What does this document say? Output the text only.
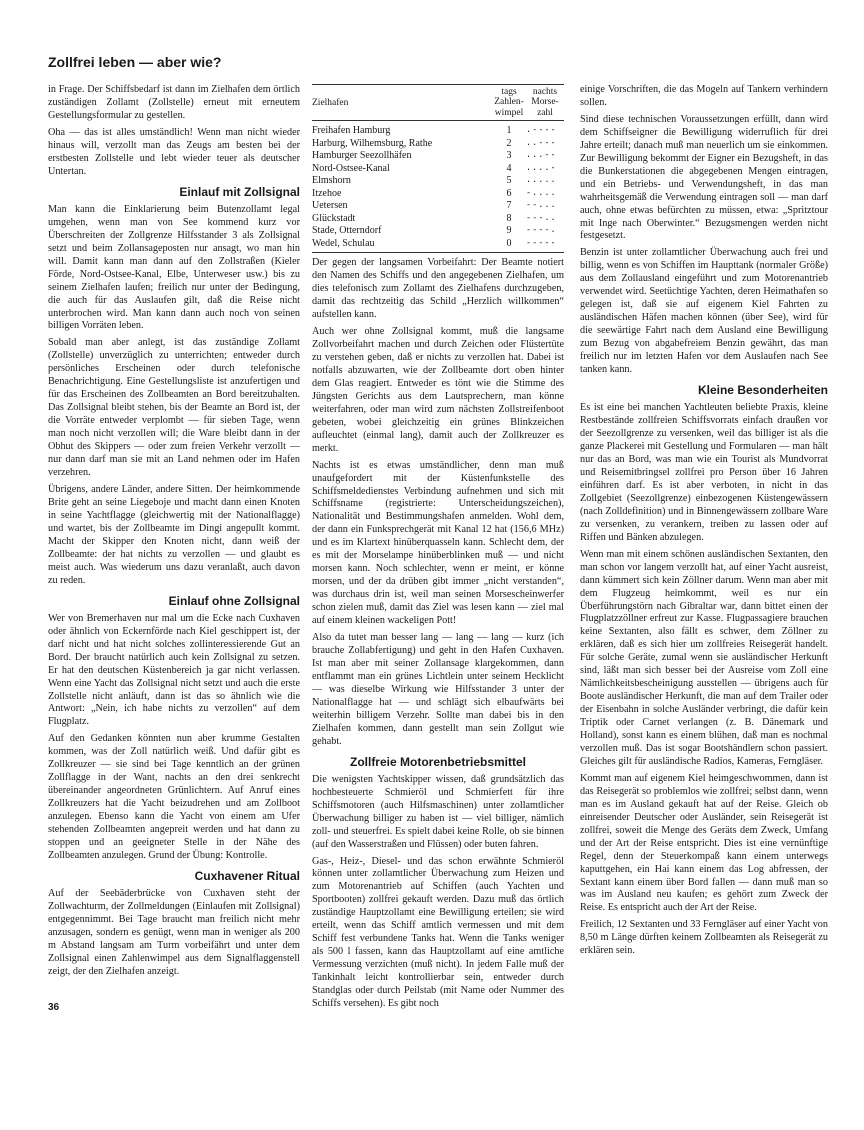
Zollfrei leben — aber wie?

in Frage. Der Schiffsbedarf ist dann im Zielhafen dem örtlich zuständigen Zollamt (Zollstelle) erneut mit erneutem Gestellungsformular zu gestellen.

Oha — das ist alles umständlich! Wenn man nicht wieder hinaus will, verzollt man das Zeugs am besten bei der erstbesten Zollstelle und lebt wieder teuer als deutscher Untertan.

Einlauf mit Zollsignal

Man kann die Einklarierung beim Butenzollamt legal umgehen, wenn man von See kommend kurz vor Überschreiten der Zollgrenze Hilfsstander 3 als Zollsignal setzt und beim Zollansageposten nur ansagt, wo man hin will. Damit kann man dann auf den Zollstraßen (Kieler Förde, Nord-Ostsee-Kanal, Elbe, Unterweser usw.) bis zu seinem Zielhafen laufen; freilich nur unter der Bedingung, die auch für das Auslaufen gilt, daß die Reise nicht unterbrochen wird. Man kann dann auch noch von seinen billigen Vorräten leben.

Sobald man aber anlegt, ist das zuständige Zollamt (Zollstelle) unverzüglich zu unterrichten; entweder durch persönliches Erscheinen oder durch telefonische Benachrichtigung. Eine Gestellungsliste ist anzufertigen und für das Erscheinen des Zollbeamten an Bord bereitzuhalten. Das Zollsignal bleibt stehen, bis der Beamte an Bord ist, der die Vorräte entweder verplombt — für sieben Tage, wenn man noch nicht verzollen will; die Ware bleibt dann in der Obhut des Skippers — oder zum freien Verkehr verzollt — nur dann darf man sie mit an Land nehmen oder im Hafen verzehren.

Übrigens, andere Länder, andere Sitten. Der heimkommende Brite geht an seine Liegeboje und macht dann einen Knoten in seine Yachtflagge (gleichwertig mit der Nationalflagge) und wartet, bis der Zollbeamte im Dingi angepullt kommt. Macht der Skipper den Knoten nicht, dann weiß der Zollbeamte: der hat nichts zu verzollen — und glaubt es meist auch. Was wiederum uns dazu veranlaßt, auch davon zu reden.

Einlauf ohne Zollsignal

Wer von Bremerhaven nur mal um die Ecke nach Cuxhaven oder ähnlich von Eckernförde nach Kiel geschippert ist, der darf nicht und hat nicht solches zollinteressierende Gut an Bord. Der braucht natürlich auch kein Zollsignal zu setzen. Er hat den deutschen Küstenbereich ja gar nicht verlassen. Wenn eine Yacht das Zollsignal nicht setzt und auch die erste Zollstelle nicht anläuft, dann ist das so ähnlich wie die Antwort: „Nein, ich habe nichts zu verzollen“ auf dem Flugplatz.

Auf den Gedanken könnten nun aber krumme Gestalten kommen, was der Zoll natürlich weiß. Und dafür gibt es Zollkreuzer — sie sind bei Tage kenntlich an der grünen Zollflagge in der Want, nachts an den drei senkrecht übereinander angeordneten Grünlichtern. Auf Anruf eines Zollkreuzers hat die Yacht beizudrehen und am Zollboot anzulegen. Ebenso kann die Yacht von einem am Ufer stehenden Zollbeamten angepreit werden und hat dann zu stoppen und an geeigneter Stelle in der Nähe des Zollbeamten anzulegen. Grund der Übung: Kontrolle.

Cuxhavener Ritual

Auf der Seebäderbrücke von Cuxhaven steht der Zollwachturm, der Zollmeldungen (Einlaufen mit Zollsignal) entgegennimmt. Bei Tage braucht man freilich nicht mehr anzusagen, sondern es genügt, wenn man in weniger als 200 m Abstand langsam am Turm vorbeifährt und unter dem Zollsignal einen Zahlenwimpel aus dem Signalflaggenstell zeigt, der den Zielhafen anzeigt.

Zielhafen
tags Zahlen-wimpel
nachts Morse-zahl
Freihafen Hamburg	1	.----
Harburg, Wilhemsburg, Rathe	2	..---
Hamburger Seezollhäfen	3	...--
Nord-Ostsee-Kanal	4	....-
Elmshorn	5	.....
Itzehoe	6	-....
Uetersen	7	--...
Glückstadt	8	---..
Stade, Otterndorf	9	----.
Wedel, Schulau	0	-----

Der gegen der langsamen Vorbeifahrt: Der Beamte notiert den Namen des Schiffs und den angegebenen Zielhafen, um dies telefonisch zum Zollamt des Zielhafens durchzugeben, damit das rechtzeitig das Schild „Herzlich willkommen“ aufstellen kann.

Auch wer ohne Zollsignal kommt, muß die langsame Zollvorbeifahrt machen und durch Zeichen oder Flüstertüte zu verstehen geben, daß er nichts zu verzollen hat. Dabei ist notfalls abzuwarten, wie der Zollbeamte dort oben hinter dem Glas reagiert. Entweder es tönt wie die Stimme des Jüngsten Gerichts aus dem Lautsprechern, man könne weiterfahren, oder man wird zum nächsten Zollstreifenboot gebeten, wobei gleichzeitig ein grünes Blinkzeichen aufleuchtet (einmal lang), damit auch der Zollkreuzer es merkt.

Nachts ist es etwas umständlicher, denn man muß unaufgefordert mit der Küstenfunkstelle des Schiffsmeldedienstes Verbindung aufnehmen und sich mit Schiffsname (registrierte: Unterscheidungszeichen), Nationalität und Bestimmungshafen anmelden. Wohl dem, der dann ein Funksprechgerät mit Kanal 12 hat (156,6 MHz) und es im Klartext hinüberquasseln kann. Schlecht dem, der es mit der Morselampe hinüberblinken muß — und nicht morsen kann. Noch schlechter, wenn er meint, er könne morsen, und der da drüben gibt immer „nicht verstanden“, was durchaus drin ist, weil man seinen Morsescheinwerfer schon zielen muß, damit das Ziel was lesen kann — ziel mal auf einem kleinen wackeligen Pott!

Also da tutet man besser lang — lang — lang — kurz (ich brauche Zollabfertigung) und geht in den Hafen Cuxhaven. Ist man aber mit seiner Zollansage klargekommen, dann entflammt man ein grünes Lichtlein unter seinem Hecklicht — was dieselbe Wirkung wie Hilfsstander 3 unter der Nationalflagge hat — und schlägt sich elbaufwärts bei weiterhin billigem Verzehr. Sollte man dabei bis in den Zielhafen kommen, dann gestellt man sein Zollgut wie gehabt.

Zollfreie Motorenbetriebsmittel

Die wenigsten Yachtskipper wissen, daß grundsätzlich das hochbesteuerte Schmieröl und Schmierfett für ihre Schiffsmotoren (auch Hilfsmaschinen) unter zollamtlicher Überwachung billiger zu haben ist — viel billiger, nämlich zoll- und steuerfrei. Es spielt dabei keine Rolle, ob sie binnen (auf den Wasserstraßen und Flüssen) oder buten fahren.

Gas-, Heiz-, Diesel- und das schon erwähnte Schmieröl können unter zollamtlicher Überwachung zum Heizen und zum Motorenantrieb auf Schiffen (auch Yachten und Sportbooten) zollfrei gekauft werden. Dazu muß das örtlich zuständige Hauptzollamt eine Bewilligung erteilen; sie wird erteilt, wenn das Schiff amtlich vermessen und mit dem Schiff fest verbundene Tanks hat. Wenn die Tanks weniger als 500 l fassen, kann das Hauptzollamt auf eine amtliche Vermessung verzichten (muß nicht). In jedem Falle muß der Tankinhalt leicht kontrollierbar sein, entweder durch Standglas oder durch Peilstab (mit Name oder Nummer des Schiffs versehen). Es gibt noch

einige Vorschriften, die das Mogeln auf Tankern verhindern sollen.

Sind diese technischen Voraussetzungen erfüllt, dann wird dem Schiffseigner die Bewilligung widerruflich für drei Jahre erteilt; danach muß man neuerlich um sie einkommen. Zur Bewilligung bekommt der Eigner ein Bezugsheft, in das die Bunkerstationen die abgegebenen Mengen eintragen, und ein Betriebs- und Verwendungsheft, in das man wahrheitsgemäß die Verwendung eintragen soll — man darf auch, ohne etwas befürchten zu müssen, etwa: „Spritztour mit Inge nach Oberwinter.“ Bezugsmengen werden nicht festgesetzt.

Benzin ist unter zollamtlicher Überwachung auch frei und billig, wenn es von Schiffen im Haupttank (normaler Größe) aus dem Zollausland eingeführt und zum Motorenantrieb verwendet wird. Seetüchtige Yachten, deren Heimathafen so gelegen ist, daß sie auf eigenem Kiel Fahrten zu ausländischen Häfen machen können (über See), wird für die seewärtige Fahrt nach dem Ausland eine Bewilligung zum Bezug von abgabefreiem Benzin gewährt, das man freilich nur im letzten Hafen vor dem Auslaufen nach See tanken kann.

Kleine Besonderheiten

Es ist eine bei manchen Yachtleuten beliebte Praxis, kleine Restbestände zollfreien Schiffsvorrats einfach draußen vor der Seezollgrenze zu versenken, weil das billiger ist als die ganze Plackerei mit Gestellung und Formularen — man hält nur das an Bord, was man wie ein Tourist als Mundvorrat und Reisemitbringsel zollfrei pro Person über 16 Jahren einführen darf. Es ist aber verboten, in nicht in das Zollgebiet (Seezollgrenze) einbezogenen Küstengewässern (nach Zolldefinition) und in Binnengewässern zollbare Ware zu versenken, zu verankern, treiben zu lassen oder auf Riffen und Bänken abzulegen.

Wenn man mit einem schönen ausländischen Sextanten, den man schon vor langem verzollt hat, auf einer Yacht ausreist, dann kümmert sich kein Zöllner darum. Wenn man aber mit dem Flugzeug heimkommt, weil es nur ein Überführungstörn nach Gibraltar war, dann bittet einen der Flugplatzzöllner erfreut zur Kasse. Flugpassagiere brauchen keine Sextanten, also fällt es schwer, dem Zöllner zu erklären, daß es sich hier um zollfreies Reisegerät handelt. Für solche Geräte, zumal wenn sie ausländischer Herkunft sind, läßt man sich besser bei der Ausreise vom Zoll eine Nämlichkeitsbescheinigung ausstellen — übrigens auch für Boote ausländischer Herkunft, die man auf dem Trailer oder der Eisenbahn in solche Ausländer verbringt, die dafür kein Triptik oder Carnet verlangen (z. B. Dänemark und Holland), sonst kann es einem blühen, daß man es nochmal verzollen muß. Das ist sogar Bootshändlern schon passiert. Gleiches gilt für ausländische Radios, Kameras, Ferngläser.

Kommt man auf eigenem Kiel heimgeschwommen, dann ist das Reisegerät so problemlos wie zollfrei; selbst dann, wenn man es im Ausland gekauft hat auf der Reise. Gleich ob einreisender Deutscher oder Ausländer, sein Reisegerät ist zollfrei, soweit die Menge des Geräts dem Zweck, Umfang und der Art der Reise entspricht. Dies ist eine vernünftige Regel, denn der Steuerkompaß kann einem unterwegs kaputtgehen, ein Hai kann einem das Log abfressen, der Sextant kann einem über Bord fallen — dann muß man so was im Ausland neu kaufen; es gehört zum Zweck der Reise. Es entspricht auch der Art der Reise.

Freilich, 12 Sextanten und 33 Ferngläser auf einer Yacht von 8,50 m Länge dürften keinem Zollbeamten als Reisegerät zu erklären sein.

36
